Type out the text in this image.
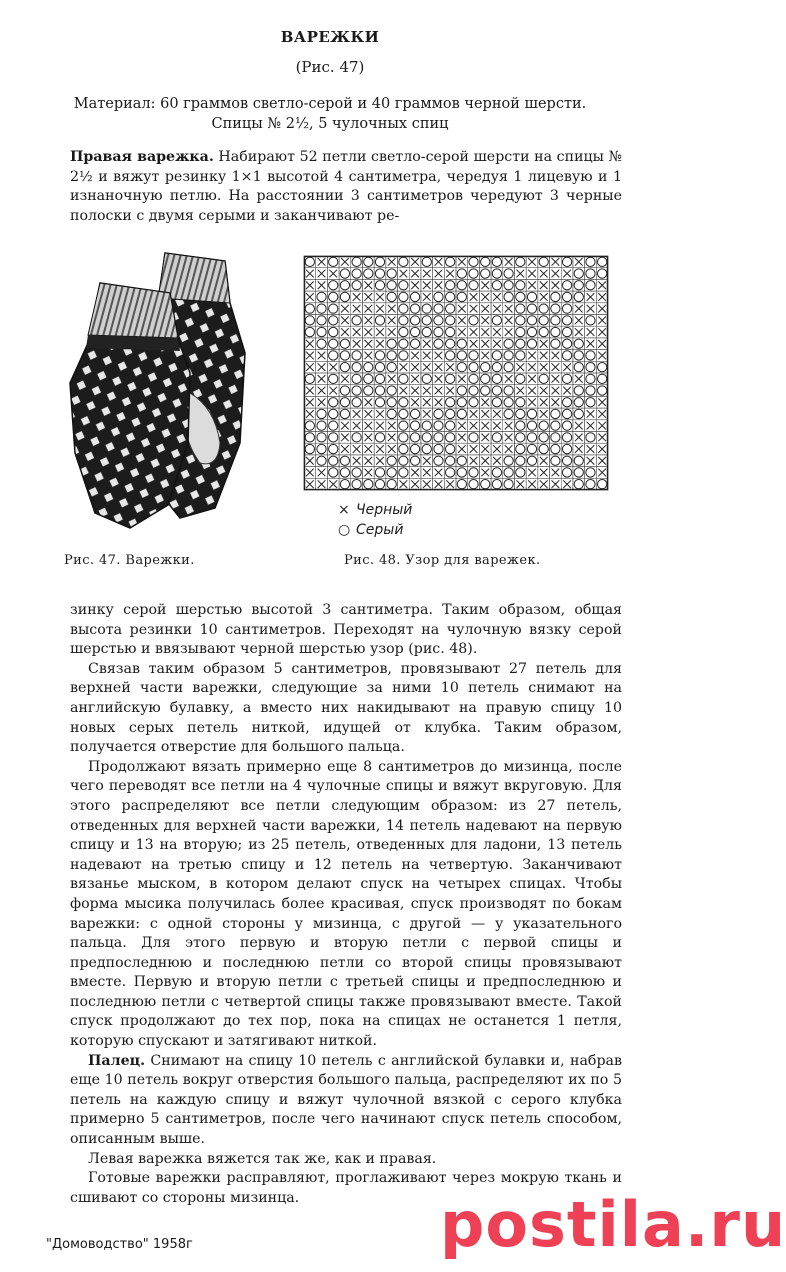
ВАРЕЖКИ
(Рис. 47)
Материал: 60 граммов светло-серой и 40 граммов черной шерсти.
Спицы № 2½, 5 чулочных спиц
Правая варежка. Набирают 52 петли светло-серой шерсти на спицы № 2½ и вяжут резинку 1×1 высотой 4 сантиметра, чередуя 1 лицевую и 1 изнаночную петлю. На расстоянии 3 сантиметров чередуют 3 черные полоски с двумя серыми и заканчивают ре-
× Черный
○ Серый
Рис. 47. Варежки.	Рис. 48. Узор для варежек.

зинку серой шерстью высотой 3 сантиметра. Таким образом, общая высота резинки 10 сантиметров. Переходят на чулочную вязку серой шерстью и ввязывают черной шерстью узор (рис. 48).

Связав таким образом 5 сантиметров, провязывают 27 петель для верхней части варежки, следующие за ними 10 петель снимают на английскую булавку, а вместо них накидывают на правую спицу 10 новых серых петель ниткой, идущей от клубка. Таким образом, получается отверстие для большого пальца.

Продолжают вязать примерно еще 8 сантиметров до мизинца, после чего переводят все петли на 4 чулочные спицы и вяжут вкруговую. Для этого распределяют все петли следующим образом: из 27 петель, отведенных для верхней части варежки, 14 петель надевают на первую спицу и 13 на вторую; из 25 петель, отведенных для ладони, 13 петель надевают на третью спицу и 12 петель на четвертую. Заканчивают вязанье мыском, в котором делают спуск на четырех спицах. Чтобы форма мысика получилась более красивая, спуск производят по бокам варежки: с одной стороны у мизинца, с другой — у указательного пальца. Для этого первую и вторую петли с первой спицы и предпоследнюю и последнюю петли со второй спицы провязывают вместе. Первую и вторую петли с третьей спицы и предпоследнюю и последнюю петли с четвертой спицы также провязывают вместе. Такой спуск продолжают до тех пор, пока на спицах не останется 1 петля, которую спускают и затягивают ниткой.

Палец. Снимают на спицу 10 петель с английской булавки и, набрав еще 10 петель вокруг отверстия большого пальца, распределяют их по 5 петель на каждую спицу и вяжут чулочной вязкой с серого клубка примерно 5 сантиметров, после чего начинают спуск петель способом, описанным выше.

Левая варежка вяжется так же, как и правая.

Готовые варежки расправляют, проглаживают через мокрую ткань и сшивают со стороны мизинца.

"Домоводство" 1958г	postila.ru
